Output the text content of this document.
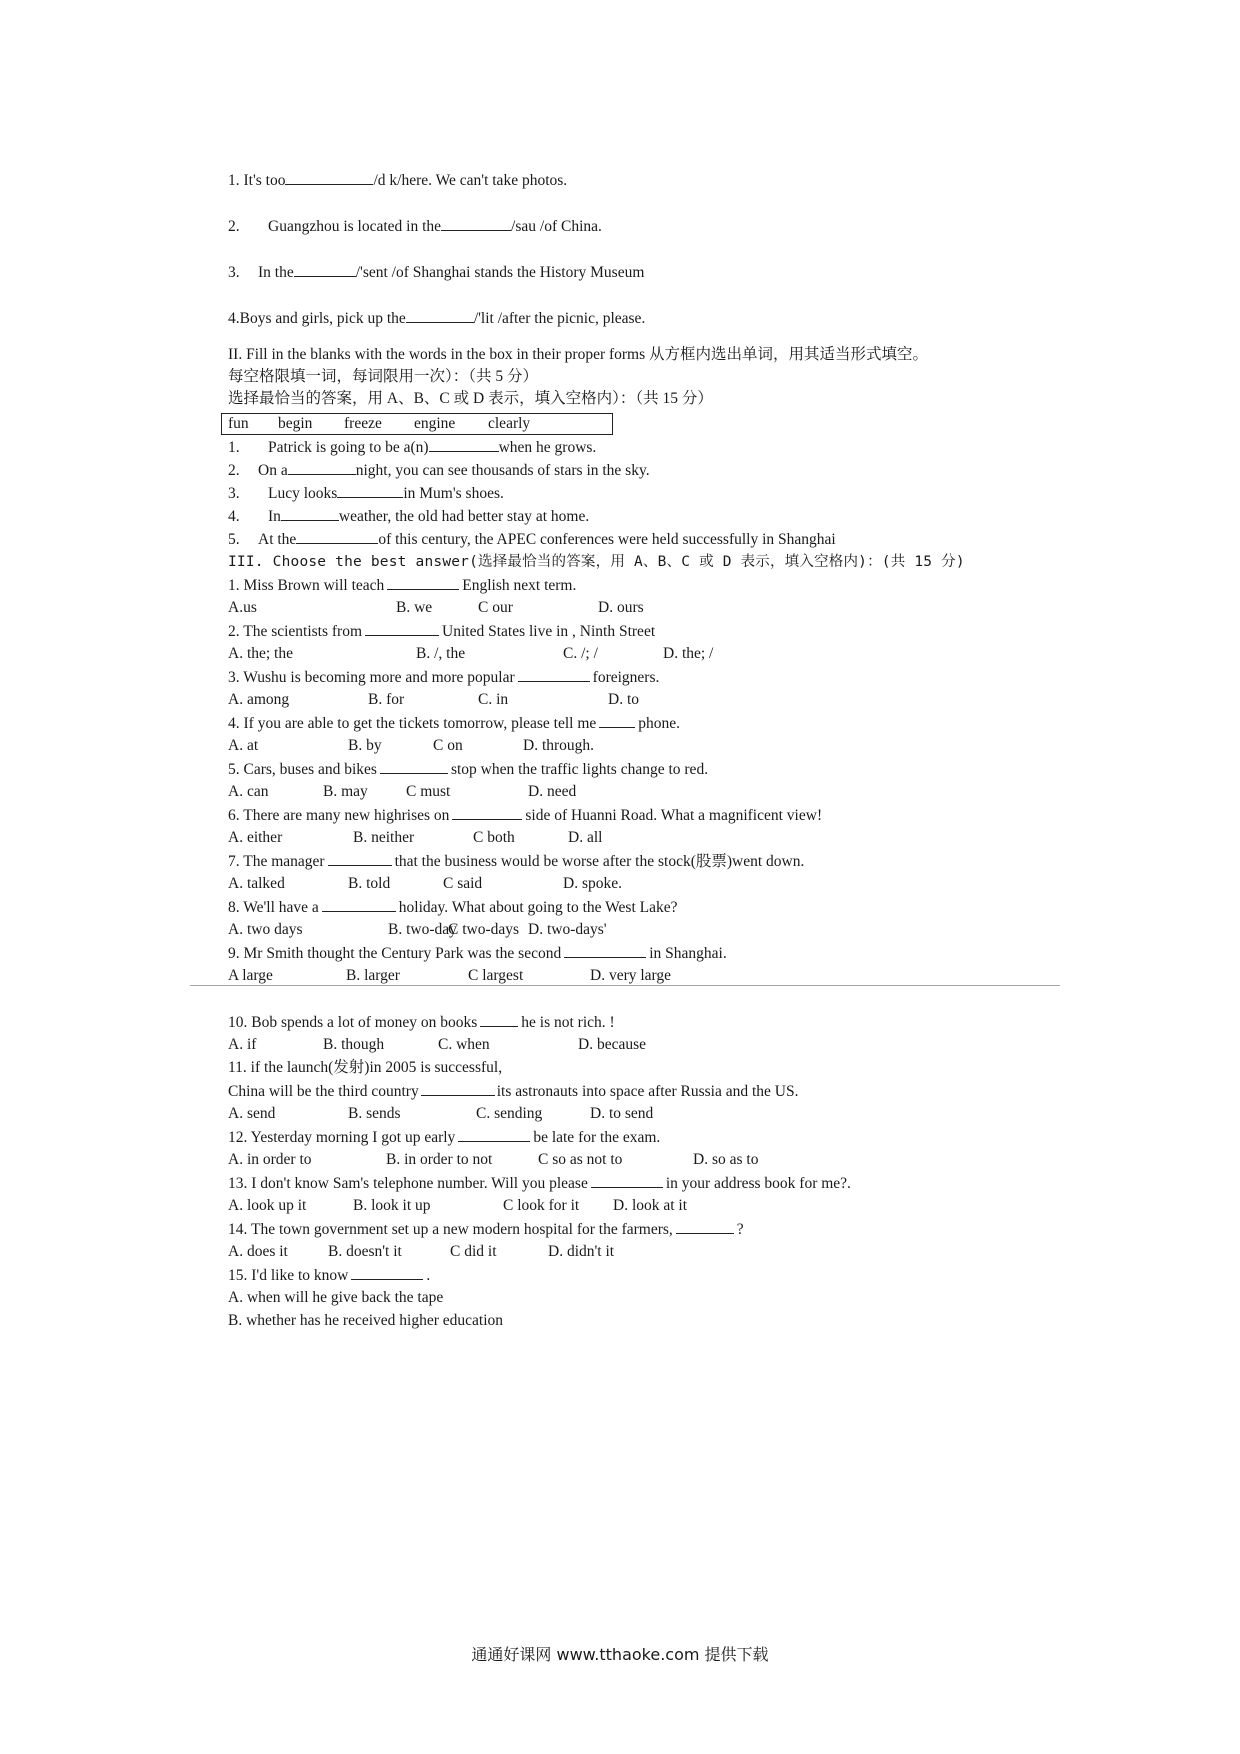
1. It's too	/d k/here. We can't take photos.
2. Guangzhou is located in the	/sau /of China.
3. In the	/'sent /of Shanghai stands the History Museum
4.Boys and girls, pick up the	/'lit /after the picnic, please.
II. Fill in the blanks with the words in the box in their proper forms 从方框内选出单词，用其适当形式填空。
每空格限填一词，每词限用一次）：（共 5 分）
选择最恰当的答案，用 A、B、C 或 D 表示，填入空格内）：（共 15 分）
fun begin freeze engine clearly
1. Patrick is going to be a(n)	when he grows.
2. On a	night, you can see thousands of stars in the sky.
3. Lucy looks	in Mum's shoes.
4. In	weather, the old had better stay at home.
5. At the	of this century, the APEC conferences were held successfully in Shanghai
III. Choose the best answer(选择最恰当的答案，用 A、B、C 或 D 表示，填入空格内)：(共 15 分)
1. Miss Brown will teach	English next term.
A.us	B. we	C our	D. ours
2. The scientists from	United States live in , Ninth Street
A. the; the	B. /, the	C. /; /	D. the; /
3. Wushu is becoming more and more popular	foreigners.
A. among	B. for	C. in	D. to
4. If you are able to get the tickets tomorrow, please tell me	phone.
A. at	B. by	C on	D. through.
5. Cars, buses and bikes	stop when the traffic lights change to red.
A. can	B. may C must	D. need
6. There are many new highrises on	side of Huanni Road. What a magnificent view!
A. either	B. neither	C both	D. all
7. The manager	that the business would be worse after the stock(股票)went down.
A. talked	B. told	C said	D. spoke.
8. We'll have a	holiday. What about going to the West Lake?
A. two days	B. two-day
C two-days D. two-days'
9. Mr Smith thought the Century Park was the second	in Shanghai.
A large	B. larger	C largest	D. very large
10. Bob spends a lot of money on books	he is not rich. !
A. if	B. though	C. when	D. because
11. if the launch(发射)in 2005 is successful,
China will be the third country	its astronauts into space after Russia and the US.
A. send	B. sends	C. sending	D. to send
12. Yesterday morning I got up early	be late for the exam.
A. in order to	B. in order to not	C so as not to	D. so as to
13. I don't know Sam's telephone number. Will you please	in your address book for me?.
A. look up it	B. look it up	C look for it D. look at it
14. The town government set up a new modern hospital for the farmers,	?
A. does it	B. doesn't it	C did it	D. didn't it
15. I'd like to know	.
A. when will he give back the tape
B. whether has he received higher education
通通好课网 www.tthaoke.com 提供下载
